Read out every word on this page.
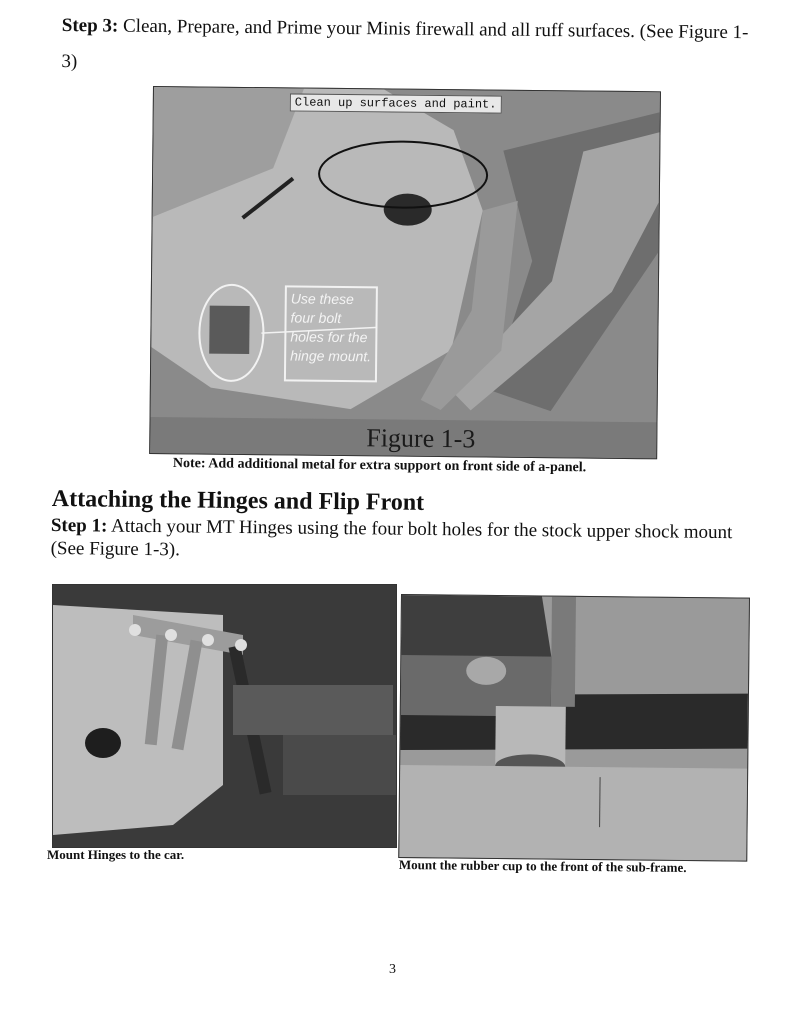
Step 3: Clean, Prepare, and Prime your Minis firewall and all ruff surfaces. (See Figure 1-3)
Clean up surfaces and paint.
Use these four bolt holes for the hinge mount.
Figure 1-3
Note: Add additional metal for extra support on front side of a-panel.
Attaching the Hinges and Flip Front
Step 1: Attach your MT Hinges using the four bolt holes for the stock upper shock mount (See Figure 1-3).
Mount Hinges to the car.
Mount the rubber cup to the front of the sub-frame.
3
